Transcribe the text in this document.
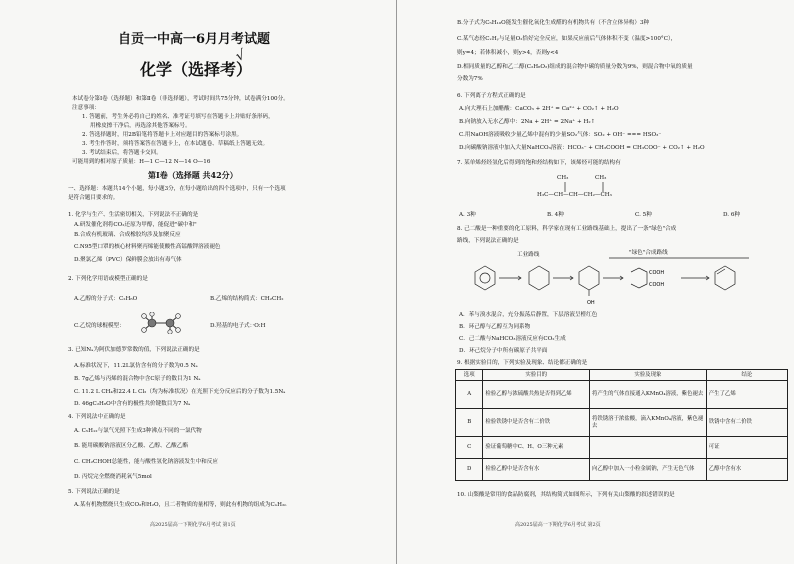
自贡一中高一6月月考试题
化学（选择考）
本试卷分第Ⅰ卷（选择题）和第Ⅱ卷（非选择题），考试时间共75分钟，试卷满分100分。
注意事项：
1. 答题前，考生务必将自己的姓名、准考证号填写在答题卡上并贴好条形码，
用橡皮擦干净后，再选涂其他答案标号。
2. 答选择题时，用2B铅笔将答题卡上对应题目的答案标号涂黑。
3. 考生作答时，须将答案答在答题卡上，在本试题卷、草稿纸上答题无效。
3. 考试结束后，将答题卡交回。
可能用到的相对原子质量：H—1 C—12 N—14 O—16
第Ⅰ卷（选择题 共42分）
一、选择题：本题共14个小题，每小题3分，在每小题给出的四个选项中，只有一个选项
是符合题目要求的。
1. 化学与生产、生活密切相关，下列说法不正确的是
A.研发催化剂将CO₂还原为甲醇，能促进"碳中和"
B.合成有机玻璃、合成橡胶均涉及加聚反应
C.N95型口罩的核心材料聚丙烯能使酸性高锰酸钾溶液褪色
D.聚氯乙烯（PVC）保鲜膜会放出有毒气体
2. 下列化学用语或模型正确的是
A.乙醇的分子式：C₂H₆O	B.乙烯的结构简式：CH₂CH₂
C.乙烷的球棍模型：	D.羟基的电子式：·O:H
3. 已知Nₐ为阿伏加德罗常数的值，下列说法正确的是
A.标准状况下，11.2L氯仿含有的分子数为0.5 Nₐ
B. 7g乙烯与丙烯的混合物中含C原子的数目为1 Nₐ
C. 11.2 L CH₄和22.4 L Cl₂（均为标准状况）在光照下充分反应后的分子数为1.5Nₐ
D. 46gC₂H₆O中含有的极性共价键数目为7 Nₐ
4. 下列说法中正确的是
A. C₅H₁₂与氯气光照下生成3种沸点不同的一氯代物
B. 能用碳酸钠溶液区分乙酸、乙醇、乙酸乙酯
C. CH₂CHOH总能性，能与酸性氢化钠溶液发生中和反应
D. 丙烷完全燃烧消耗氧气5mol
5. 下列说法正确的是
A.某有机物燃烧只生成CO₂和H₂O，且二者物质的量相等，则此有机物的组成为CₙH₂ₙ
高2025届高一下期化学6月考试 第1页
√
B.分子式为C₅H₁₀O能发生催化氧化生成醛的有机物共有（不含立体异构）3种
C.某气态烃CₓHᵧ与足量O₂恰好完全反应，如果反应前后气体体积不变（温度>100°C），
则y=4；若体积减小，则y>4，否则y<4
D.相同质量的乙醇和乙二醇(C₂H₆O₂)组成的混合物中碳的质量分数为9%，则混合物中氧的质量
分数为7%
6. 下列离子方程式正确的是
A.向大理石上加醋酸：CaCO₃ + 2H⁺ = Ca²⁺ + CO₂↑ + H₂O
B.向钠放入无水乙醇中：2Na + 2H⁺ = 2Na⁺ + H₂↑
C.用NaOH溶液吸收少量乙烯中混有的少量SO₂气体：SO₂ + OH⁻ === HSO₃⁻
D.向碳酸钠溶液中加入大量NaHCO₃溶液：HCO₃⁻ + CH₃COOH = CH₃COO⁻ + CO₂↑ + H₂O
7. 某单烯烃经氢化后得到的饱和烃结构如下，该烯烃可能的结构有
CH₃	CH₃
H₃C—CH—CH—CH₂—CH₃
A. 3种	B. 4种	C. 5种	D. 6种
8. 己二酸是一种重要的化工原料，科学家在现有工业路线基础上，提出了一条"绿色"合成
路线，下列说法正确的是
OH
COOH
COOH
工业路线	"绿色"合成路线
A．苯与溴水混合，充分振荡后静置，下层溶液呈橙红色
B．环己醇与乙醇互为同系物
C．己二酸与NaHCO₃溶液反应有CO₂生成
D．环己烷分子中所有碳原子共平面
9. 根据实验目的，下列实验及现象、结论都正确的是
选项	实验目的	实验及现象	结论
A	检验乙醇与浓硫酸共热是否得到乙烯	将产生的气体直接通入KMnO₄溶液，紫色褪去	产生了乙烯
B	检验铁锈中是否含有二价铁	将铁锈溶于浓盐酸，滴入KMnO₄溶液，紫色褪去	铁锈中含有二价铁
C	验证葡萄糖中C、H、O三种元素		可证
D	检验乙醇中是否含有水	向乙醇中加入一小粒金属钠，产生无色气体	乙醇中含有水
10. 山梨酸是常用的食品防腐剂，其结构简式如图所示，下列有关山梨酸的叙述错误的是
高2025届高一下期化学6月考试 第2页
